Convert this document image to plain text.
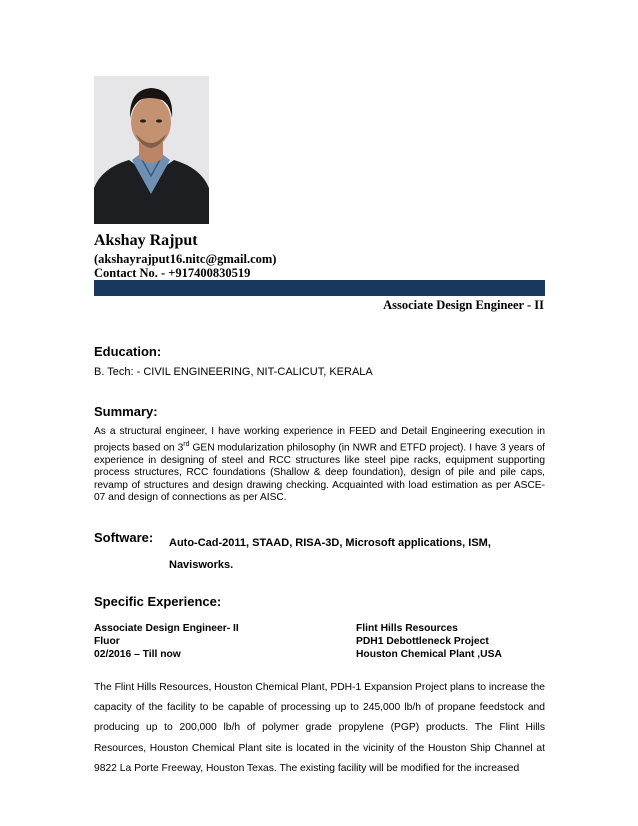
Akshay Rajput
(akshayrajput16.nitc@gmail.com)
Contact No. - +917400830519
Associate Design Engineer - II
Education:
B. Tech: - CIVIL ENGINEERING, NIT-CALICUT, KERALA
Summary:

As a structural engineer, I have working experience in FEED and Detail Engineering execution in projects based on 3rd GEN modularization philosophy (in NWR and ETFD project). I have 3 years of experience in designing of steel and RCC structures like steel pipe racks, equipment supporting process structures, RCC foundations (Shallow & deep foundation), design of pile and pile caps, revamp of structures and design drawing checking. Acquainted with load estimation as per ASCE-07 and design of connections as per AISC.

Software: Auto-Cad-2011, STAAD, RISA-3D, Microsoft applications, ISM, Navisworks.
Specific Experience:
Associate Design Engineer- II
Fluor
02/2016 – Till now
Flint Hills Resources
PDH1 Debottleneck Project
Houston Chemical Plant ,USA

The Flint Hills Resources, Houston Chemical Plant, PDH-1 Expansion Project plans to increase the capacity of the facility to be capable of processing up to 245,000 lb/h of propane feedstock and producing up to 200,000 lb/h of polymer grade propylene (PGP) products. The Flint Hills Resources, Houston Chemical Plant site is located in the vicinity of the Houston Ship Channel at 9822 La Porte Freeway, Houston Texas. The existing facility will be modified for the increased
